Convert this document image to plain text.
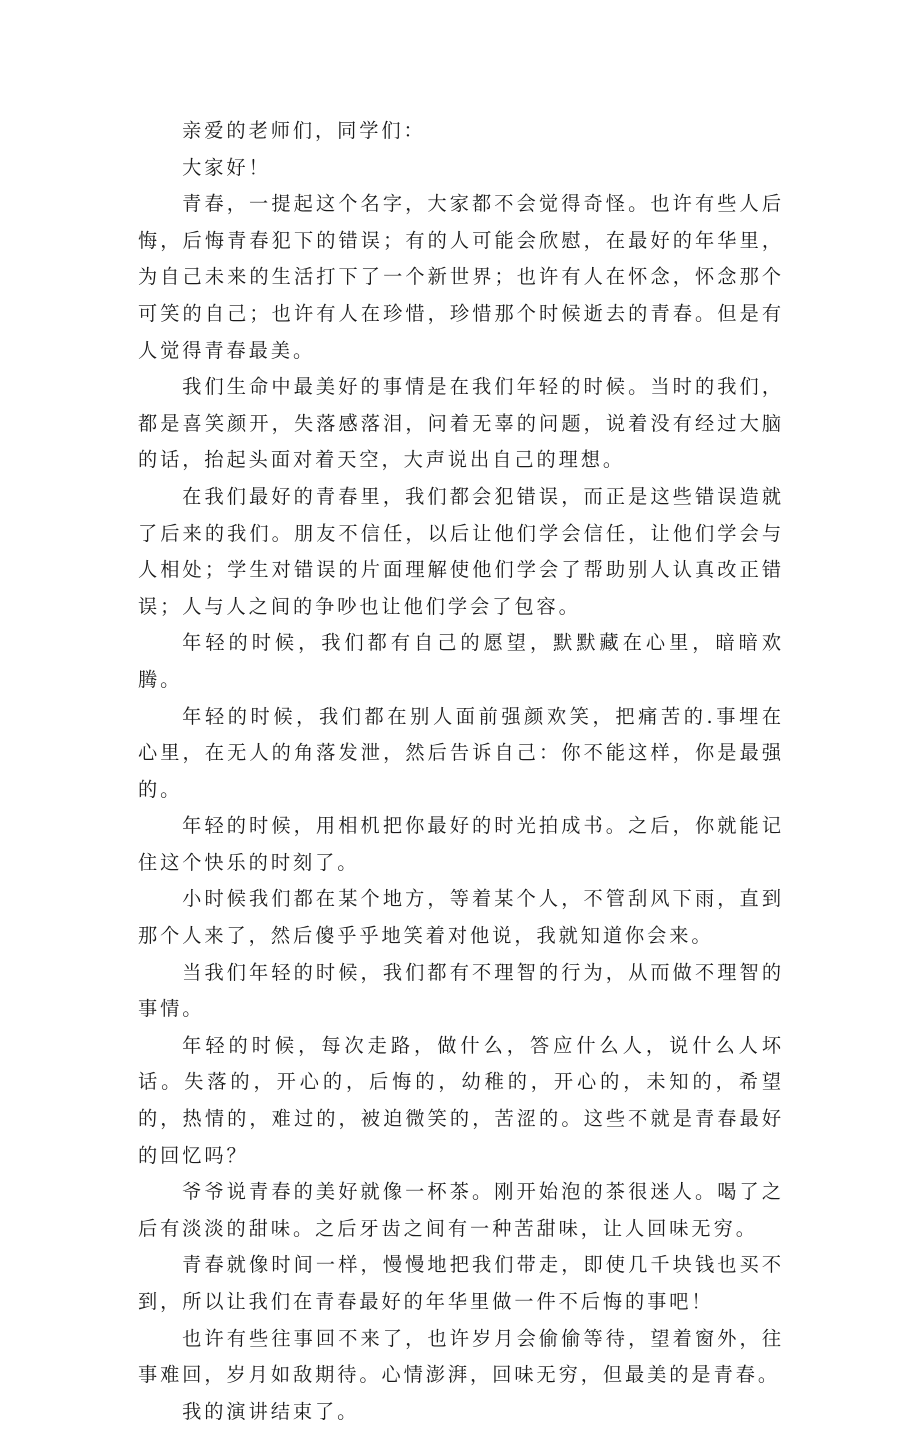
亲爱的老师们，同学们：

大家好！

青春，一提起这个名字，大家都不会觉得奇怪。也许有些人后悔，后悔青春犯下的错误；有的人可能会欣慰，在最好的年华里，为自己未来的生活打下了一个新世界；也许有人在怀念，怀念那个可笑的自己；也许有人在珍惜，珍惜那个时候逝去的青春。但是有人觉得青春最美。

我们生命中最美好的事情是在我们年轻的时候。当时的我们，都是喜笑颜开，失落感落泪，问着无辜的问题，说着没有经过大脑的话，抬起头面对着天空，大声说出自己的理想。

在我们最好的青春里，我们都会犯错误，而正是这些错误造就了后来的我们。朋友不信任，以后让他们学会信任，让他们学会与人相处；学生对错误的片面理解使他们学会了帮助别人认真改正错误；人与人之间的争吵也让他们学会了包容。

年轻的时候，我们都有自己的愿望，默默藏在心里，暗暗欢腾。

年轻的时候，我们都在别人面前强颜欢笑，把痛苦的.事埋在心里，在无人的角落发泄，然后告诉自己：你不能这样，你是最强的。

年轻的时候，用相机把你最好的时光拍成书。之后，你就能记住这个快乐的时刻了。

小时候我们都在某个地方，等着某个人，不管刮风下雨，直到那个人来了，然后傻乎乎地笑着对他说，我就知道你会来。

当我们年轻的时候，我们都有不理智的行为，从而做不理智的事情。

年轻的时候，每次走路，做什么，答应什么人，说什么人坏话。失落的，开心的，后悔的，幼稚的，开心的，未知的，希望的，热情的，难过的，被迫微笑的，苦涩的。这些不就是青春最好的回忆吗？

爷爷说青春的美好就像一杯茶。刚开始泡的茶很迷人。喝了之后有淡淡的甜味。之后牙齿之间有一种苦甜味，让人回味无穷。

青春就像时间一样，慢慢地把我们带走，即使几千块钱也买不到，所以让我们在青春最好的年华里做一件不后悔的事吧！

也许有些往事回不来了，也许岁月会偷偷等待，望着窗外，往事难回，岁月如敌期待。心情澎湃，回味无穷，但最美的是青春。

我的演讲结束了。
